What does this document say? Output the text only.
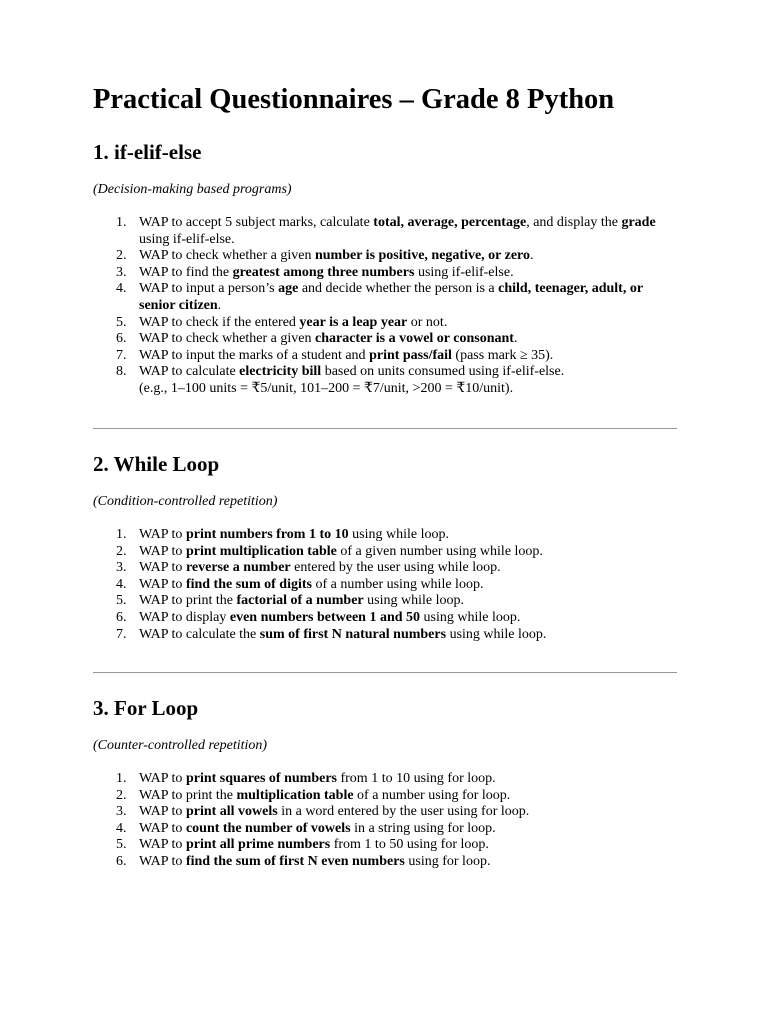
Practical Questionnaires – Grade 8 Python
1. if-elif-else

(Decision-making based programs)

1. WAP to accept 5 subject marks, calculate total, average, percentage, and display the grade using if-elif-else.
2. WAP to check whether a given number is positive, negative, or zero.
3. WAP to find the greatest among three numbers using if-elif-else.
4. WAP to input a person’s age and decide whether the person is a child, teenager, adult, or senior citizen.
5. WAP to check if the entered year is a leap year or not.
6. WAP to check whether a given character is a vowel or consonant.
7. WAP to input the marks of a student and print pass/fail (pass mark ≥ 35).
8. WAP to calculate electricity bill based on units consumed using if-elif-else.
(e.g., 1–100 units = ₹5/unit, 101–200 = ₹7/unit, >200 = ₹10/unit).
2. While Loop

(Condition-controlled repetition)

1. WAP to print numbers from 1 to 10 using while loop.
2. WAP to print multiplication table of a given number using while loop.
3. WAP to reverse a number entered by the user using while loop.
4. WAP to find the sum of digits of a number using while loop.
5. WAP to print the factorial of a number using while loop.
6. WAP to display even numbers between 1 and 50 using while loop.
7. WAP to calculate the sum of first N natural numbers using while loop.
3. For Loop

(Counter-controlled repetition)

1. WAP to print squares of numbers from 1 to 10 using for loop.
2. WAP to print the multiplication table of a number using for loop.
3. WAP to print all vowels in a word entered by the user using for loop.
4. WAP to count the number of vowels in a string using for loop.
5. WAP to print all prime numbers from 1 to 50 using for loop.
6. WAP to find the sum of first N even numbers using for loop.
